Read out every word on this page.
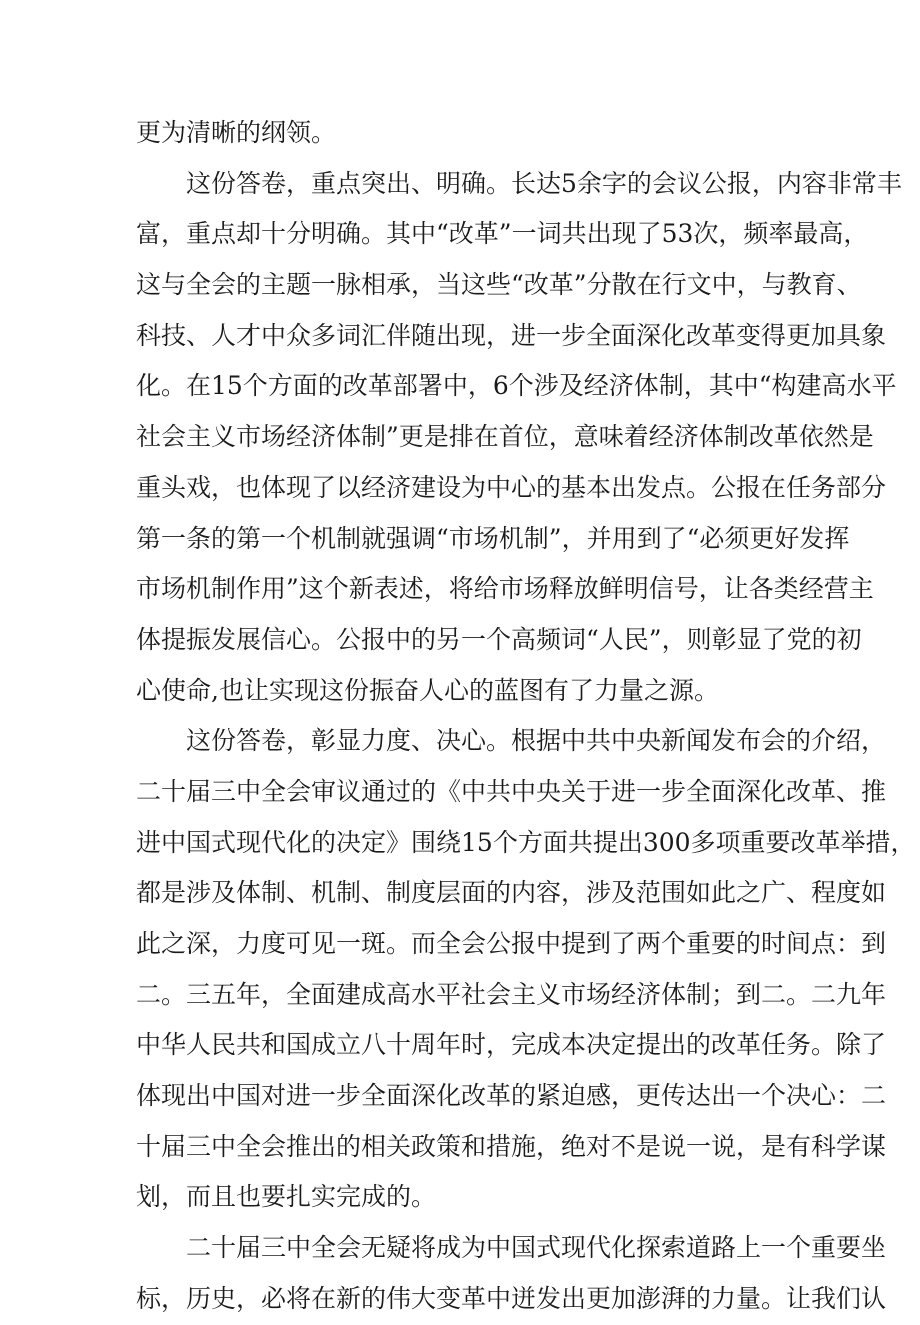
更为清晰的纲领。
这份答卷，重点突出、明确。长达5余字的会议公报，内容非常丰
富，重点却十分明确。其中“改革”一词共出现了53次，频率最高，
这与全会的主题一脉相承，当这些“改革”分散在行文中，与教育、
科技、人才中众多词汇伴随出现，进一步全面深化改革变得更加具象
化。在15个方面的改革部署中，6个涉及经济体制，其中“构建高水平
社会主义市场经济体制”更是排在首位，意味着经济体制改革依然是
重头戏，也体现了以经济建设为中心的基本出发点。公报在任务部分
第一条的第一个机制就强调“市场机制”，并用到了“必须更好发挥
市场机制作用”这个新表述，将给市场释放鲜明信号，让各类经营主
体提振发展信心。公报中的另一个高频词“人民”，则彰显了党的初
心使命,也让实现这份振奋人心的蓝图有了力量之源。
这份答卷，彰显力度、决心。根据中共中央新闻发布会的介绍，
二十届三中全会审议通过的《中共中央关于进一步全面深化改革、推
进中国式现代化的决定》围绕15个方面共提出300多项重要改革举措，
都是涉及体制、机制、制度层面的内容，涉及范围如此之广、程度如
此之深，力度可见一斑。而全会公报中提到了两个重要的时间点：到
二。三五年，全面建成高水平社会主义市场经济体制；到二。二九年
中华人民共和国成立八十周年时，完成本决定提出的改革任务。除了
体现出中国对进一步全面深化改革的紧迫感，更传达出一个决心：二
十届三中全会推出的相关政策和措施，绝对不是说一说，是有科学谋
划，而且也要扎实完成的。
二十届三中全会无疑将成为中国式现代化探索道路上一个重要坐
标，历史，必将在新的伟大变革中迸发出更加澎湃的力量。让我们认
